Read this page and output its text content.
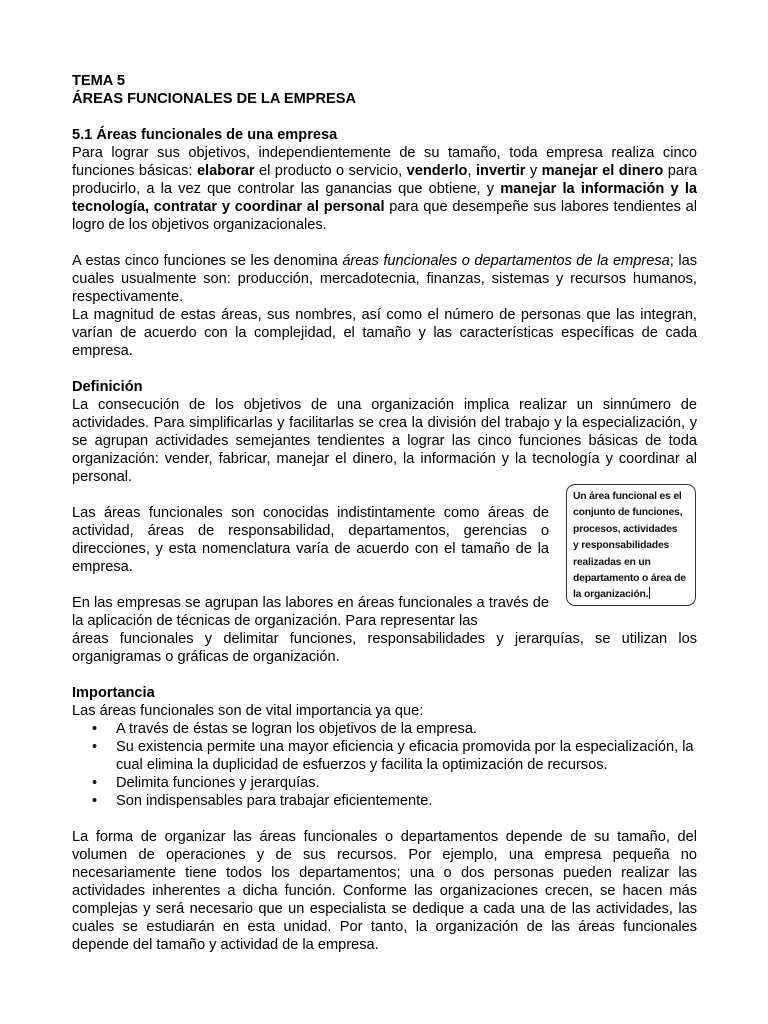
TEMA 5

ÁREAS FUNCIONALES DE LA EMPRESA

5.1 Áreas funcionales de una empresa

Para lograr sus objetivos, independientemente de su tamaño, toda empresa realiza cinco funciones básicas: elaborar el producto o servicio, venderlo, invertir y manejar el dinero para producirlo, a la vez que controlar las ganancias que obtiene, y manejar la información y la tecnología, contratar y coordinar al personal para que desempeñe sus labores tendientes al logro de los objetivos organizacionales.

A estas cinco funciones se les denomina áreas funcionales o departamentos de la empresa; las cuales usualmente son: producción, mercadotecnia, finanzas, sistemas y recursos humanos, respectivamente.

La magnitud de estas áreas, sus nombres, así como el número de personas que las integran, varían de acuerdo con la complejidad, el tamaño y las características específicas de cada empresa.

Definición

La consecución de los objetivos de una organización implica realizar un sinnúmero de actividades. Para simplificarlas y facilitarlas se crea la división del trabajo y la especialización, y se agrupan actividades semejantes tendientes a lograr las cinco funciones básicas de toda organización: vender, fabricar, manejar el dinero, la información y la tecnología y coordinar al personal.

Las áreas funcionales son conocidas indistintamente como áreas de actividad, áreas de responsabilidad, departamentos, gerencias o direcciones, y esta nomenclatura varía de acuerdo con el tamaño de la empresa.

En las empresas se agrupan las labores en áreas funcionales a través de la aplicación de técnicas de organización. Para representar las

áreas funcionales y delimitar funciones, responsabilidades y jerarquías, se utilizan los organigramas o gráficas de organización.

Importancia

Las áreas funcionales son de vital importancia ya que:

• A través de éstas se logran los objetivos de la empresa.
• Su existencia permite una mayor eficiencia y eficacia promovida por la especialización, la cual elimina la duplicidad de esfuerzos y facilita la optimización de recursos.
• Delimita funciones y jerarquías.
• Son indispensables para trabajar eficientemente.

La forma de organizar las áreas funcionales o departamentos depende de su tamaño, del volumen de operaciones y de sus recursos. Por ejemplo, una empresa pequeña no necesariamente tiene todos los departamentos; una o dos personas pueden realizar las actividades inherentes a dicha función. Conforme las organizaciones crecen, se hacen más complejas y será necesario que un especialista se dedique a cada una de las actividades, las cuales se estudiarán en esta unidad. Por tanto, la organización de las áreas funcionales depende del tamaño y actividad de la empresa.

Un área funcional es el
conjunto de funciones,
procesos, actividades
y responsabilidades
realizadas en un
departamento o área de
la organización.
